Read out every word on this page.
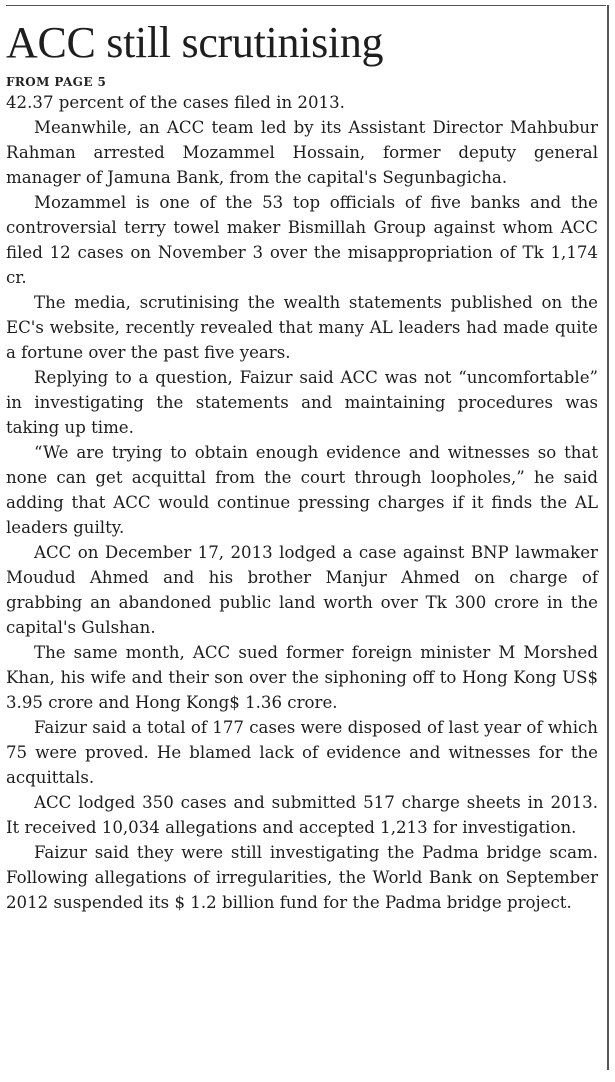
ACC still scrutinising
FROM PAGE 5

42.37 percent of the cases filed in 2013.

Meanwhile, an ACC team led by its Assistant Director Mahbubur Rahman arrested Mozammel Hossain, former deputy general manager of Jamuna Bank, from the capital's Segunbagicha.

Mozammel is one of the 53 top officials of five banks and the controversial terry towel maker Bismillah Group against whom ACC filed 12 cases on November 3 over the misappropriation of Tk 1,174 cr.

The media, scrutinising the wealth statements published on the EC's website, recently revealed that many AL leaders had made quite a fortune over the past five years.

Replying to a question, Faizur said ACC was not “uncomfortable” in investigating the statements and maintaining procedures was taking up time.

“We are trying to obtain enough evidence and witnesses so that none can get acquittal from the court through loopholes,” he said adding that ACC would continue pressing charges if it finds the AL leaders guilty.

ACC on December 17, 2013 lodged a case against BNP lawmaker Moudud Ahmed and his brother Manjur Ahmed on charge of grabbing an abandoned public land worth over Tk 300 crore in the capital's Gulshan.

The same month, ACC sued former foreign minister M Morshed Khan, his wife and their son over the siphoning off to Hong Kong US$ 3.95 crore and Hong Kong$ 1.36 crore.

Faizur said a total of 177 cases were disposed of last year of which 75 were proved. He blamed lack of evidence and witnesses for the acquittals.

ACC lodged 350 cases and submitted 517 charge sheets in 2013. It received 10,034 allegations and accepted 1,213 for investigation.

Faizur said they were still investigating the Padma bridge scam. Following allegations of irregularities, the World Bank on September 2012 suspended its $ 1.2 billion fund for the Padma bridge project.
